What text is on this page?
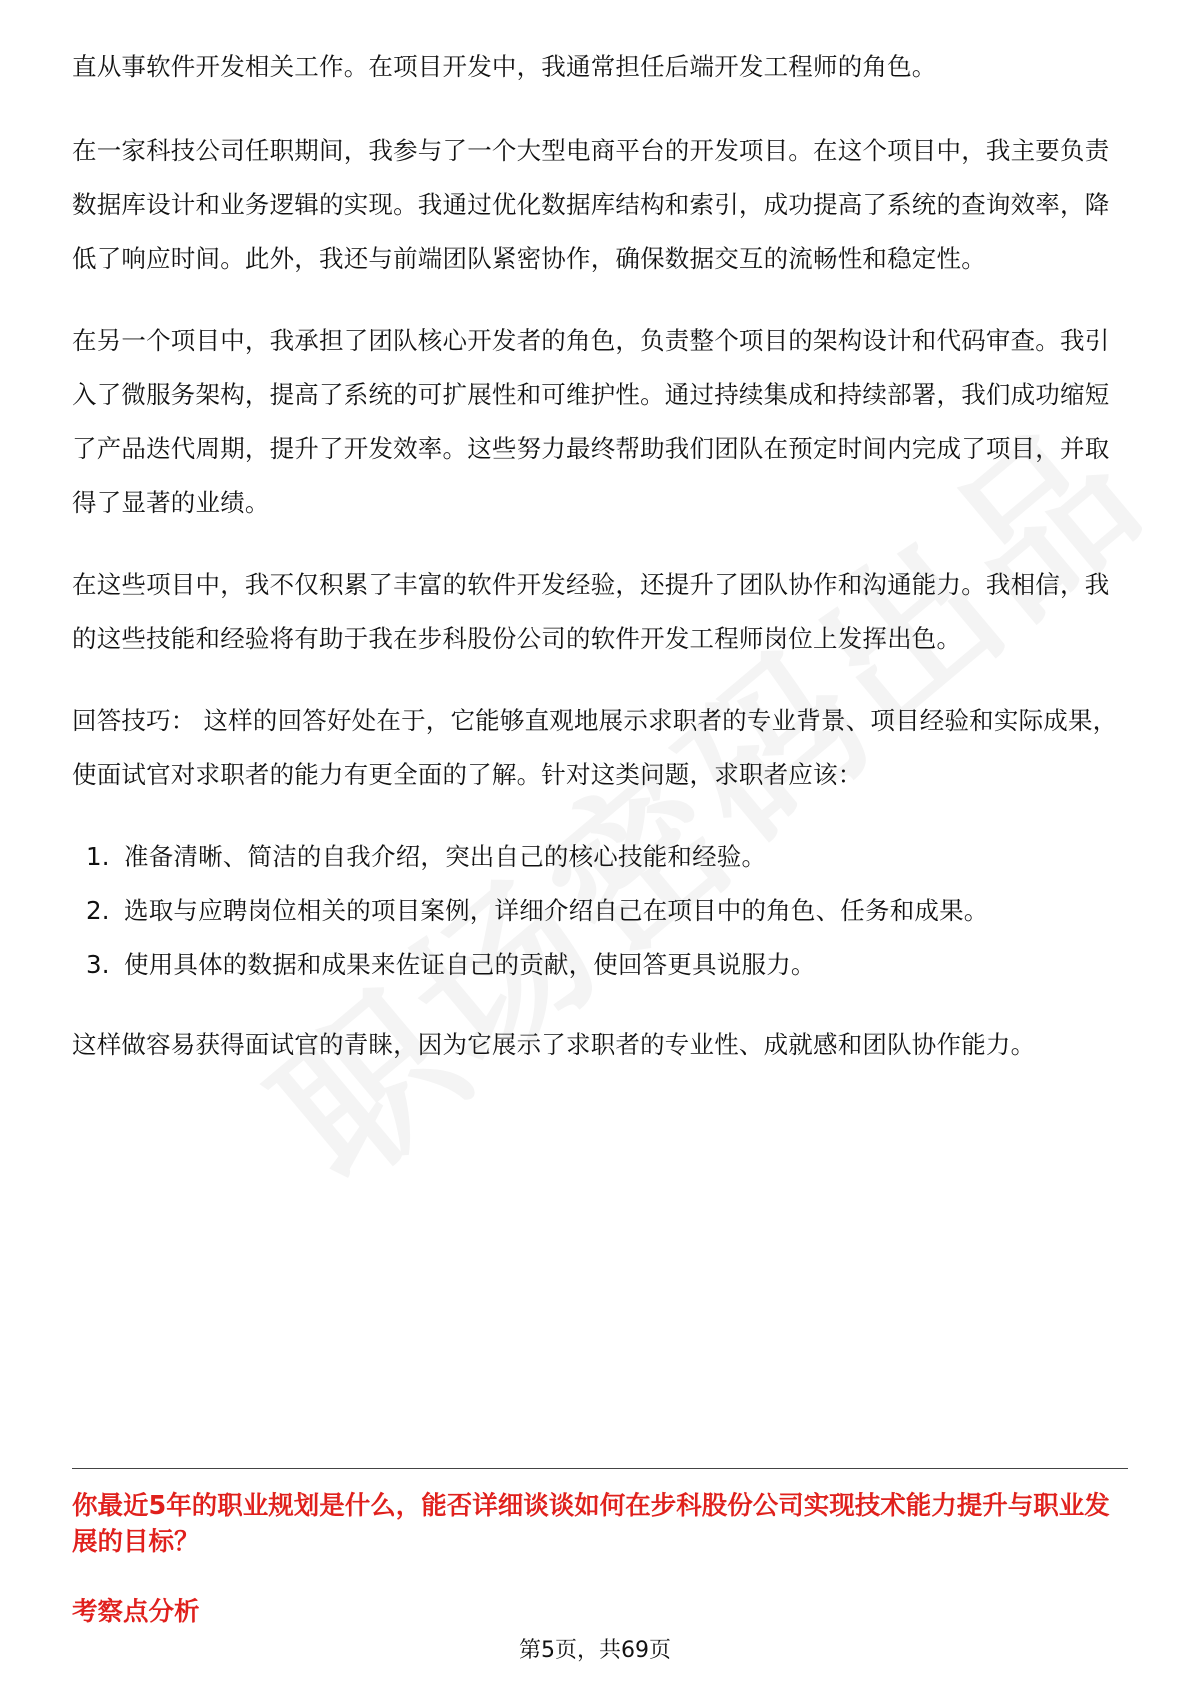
直从事软件开发相关工作。在项目开发中，我通常担任后端开发工程师的角色。

在一家科技公司任职期间，我参与了一个大型电商平台的开发项目。在这个项目中，我主要负责数据库设计和业务逻辑的实现。我通过优化数据库结构和索引，成功提高了系统的查询效率，降低了响应时间。此外，我还与前端团队紧密协作，确保数据交互的流畅性和稳定性。

在另一个项目中，我承担了团队核心开发者的角色，负责整个项目的架构设计和代码审查。我引入了微服务架构，提高了系统的可扩展性和可维护性。通过持续集成和持续部署，我们成功缩短了产品迭代周期，提升了开发效率。这些努力最终帮助我们团队在预定时间内完成了项目，并取得了显著的业绩。

在这些项目中，我不仅积累了丰富的软件开发经验，还提升了团队协作和沟通能力。我相信，我的这些技能和经验将有助于我在步科股份公司的软件开发工程师岗位上发挥出色。

回答技巧： 这样的回答好处在于，它能够直观地展示求职者的专业背景、项目经验和实际成果，使面试官对求职者的能力有更全面的了解。针对这类问题，求职者应该：

1. 准备清晰、简洁的自我介绍，突出自己的核心技能和经验。
2. 选取与应聘岗位相关的项目案例，详细介绍自己在项目中的角色、任务和成果。
3. 使用具体的数据和成果来佐证自己的贡献，使回答更具说服力。

这样做容易获得面试官的青睐，因为它展示了求职者的专业性、成就感和团队协作能力。

你最近5年的职业规划是什么，能否详细谈谈如何在步科股份公司实现技术能力提升与职业发展的目标？

考察点分析

第5页，共69页
